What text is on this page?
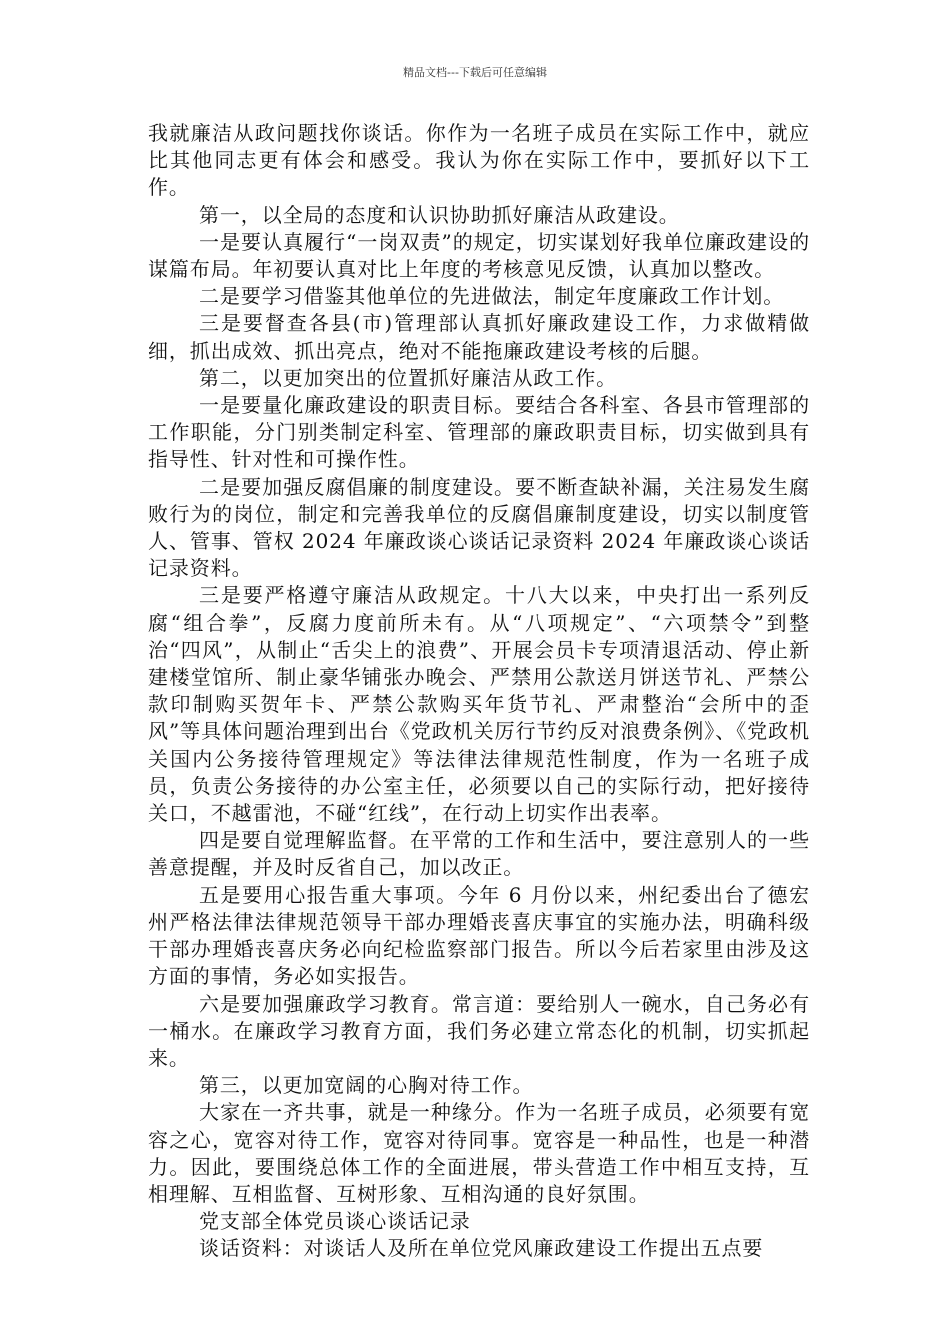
精品文档---下载后可任意编辑

我就廉洁从政问题找你谈话。你作为一名班子成员在实际工作中，就应比其他同志更有体会和感受。我认为你在实际工作中，要抓好以下工作。

第一，以全局的态度和认识协助抓好廉洁从政建设。

一是要认真履行“一岗双责”的规定，切实谋划好我单位廉政建设的谋篇布局。年初要认真对比上年度的考核意见反馈，认真加以整改。

二是要学习借鉴其他单位的先进做法，制定年度廉政工作计划。

三是要督查各县(市)管理部认真抓好廉政建设工作，力求做精做细，抓出成效、抓出亮点，绝对不能拖廉政建设考核的后腿。

第二，以更加突出的位置抓好廉洁从政工作。

一是要量化廉政建设的职责目标。要结合各科室、各县市管理部的工作职能，分门别类制定科室、管理部的廉政职责目标，切实做到具有指导性、针对性和可操作性。

二是要加强反腐倡廉的制度建设。要不断查缺补漏，关注易发生腐败行为的岗位，制定和完善我单位的反腐倡廉制度建设，切实以制度管人、管事、管权 2024 年廉政谈心谈话记录资料 2024 年廉政谈心谈话记录资料。

三是要严格遵守廉洁从政规定。十八大以来，中央打出一系列反腐“组合拳”，反腐力度前所未有。从“八项规定”、“六项禁令”到整治“四风”，从制止“舌尖上的浪费”、开展会员卡专项清退活动、停止新建楼堂馆所、制止豪华铺张办晚会、严禁用公款送月饼送节礼、严禁公款印制购买贺年卡、严禁公款购买年货节礼、严肃整治“会所中的歪风”等具体问题治理到出台《党政机关厉行节约反对浪费条例》、《党政机关国内公务接待管理规定》等法律法律规范性制度，作为一名班子成员，负责公务接待的办公室主任，必须要以自己的实际行动，把好接待关口，不越雷池，不碰“红线”，在行动上切实作出表率。

四是要自觉理解监督。在平常的工作和生活中，要注意别人的一些善意提醒，并及时反省自己，加以改正。

五是要用心报告重大事项。今年 6 月份以来，州纪委出台了德宏州严格法律法律规范领导干部办理婚丧喜庆事宜的实施办法，明确科级干部办理婚丧喜庆务必向纪检监察部门报告。所以今后若家里由涉及这方面的事情，务必如实报告。

六是要加强廉政学习教育。常言道：要给别人一碗水，自己务必有一桶水。在廉政学习教育方面，我们务必建立常态化的机制，切实抓起来。

第三，以更加宽阔的心胸对待工作。

大家在一齐共事，就是一种缘分。作为一名班子成员，必须要有宽容之心，宽容对待工作，宽容对待同事。宽容是一种品性，也是一种潜力。因此，要围绕总体工作的全面进展，带头营造工作中相互支持，互相理解、互相监督、互树形象、互相沟通的良好氛围。

党支部全体党员谈心谈话记录

谈话资料：对谈话人及所在单位党风廉政建设工作提出五点要
